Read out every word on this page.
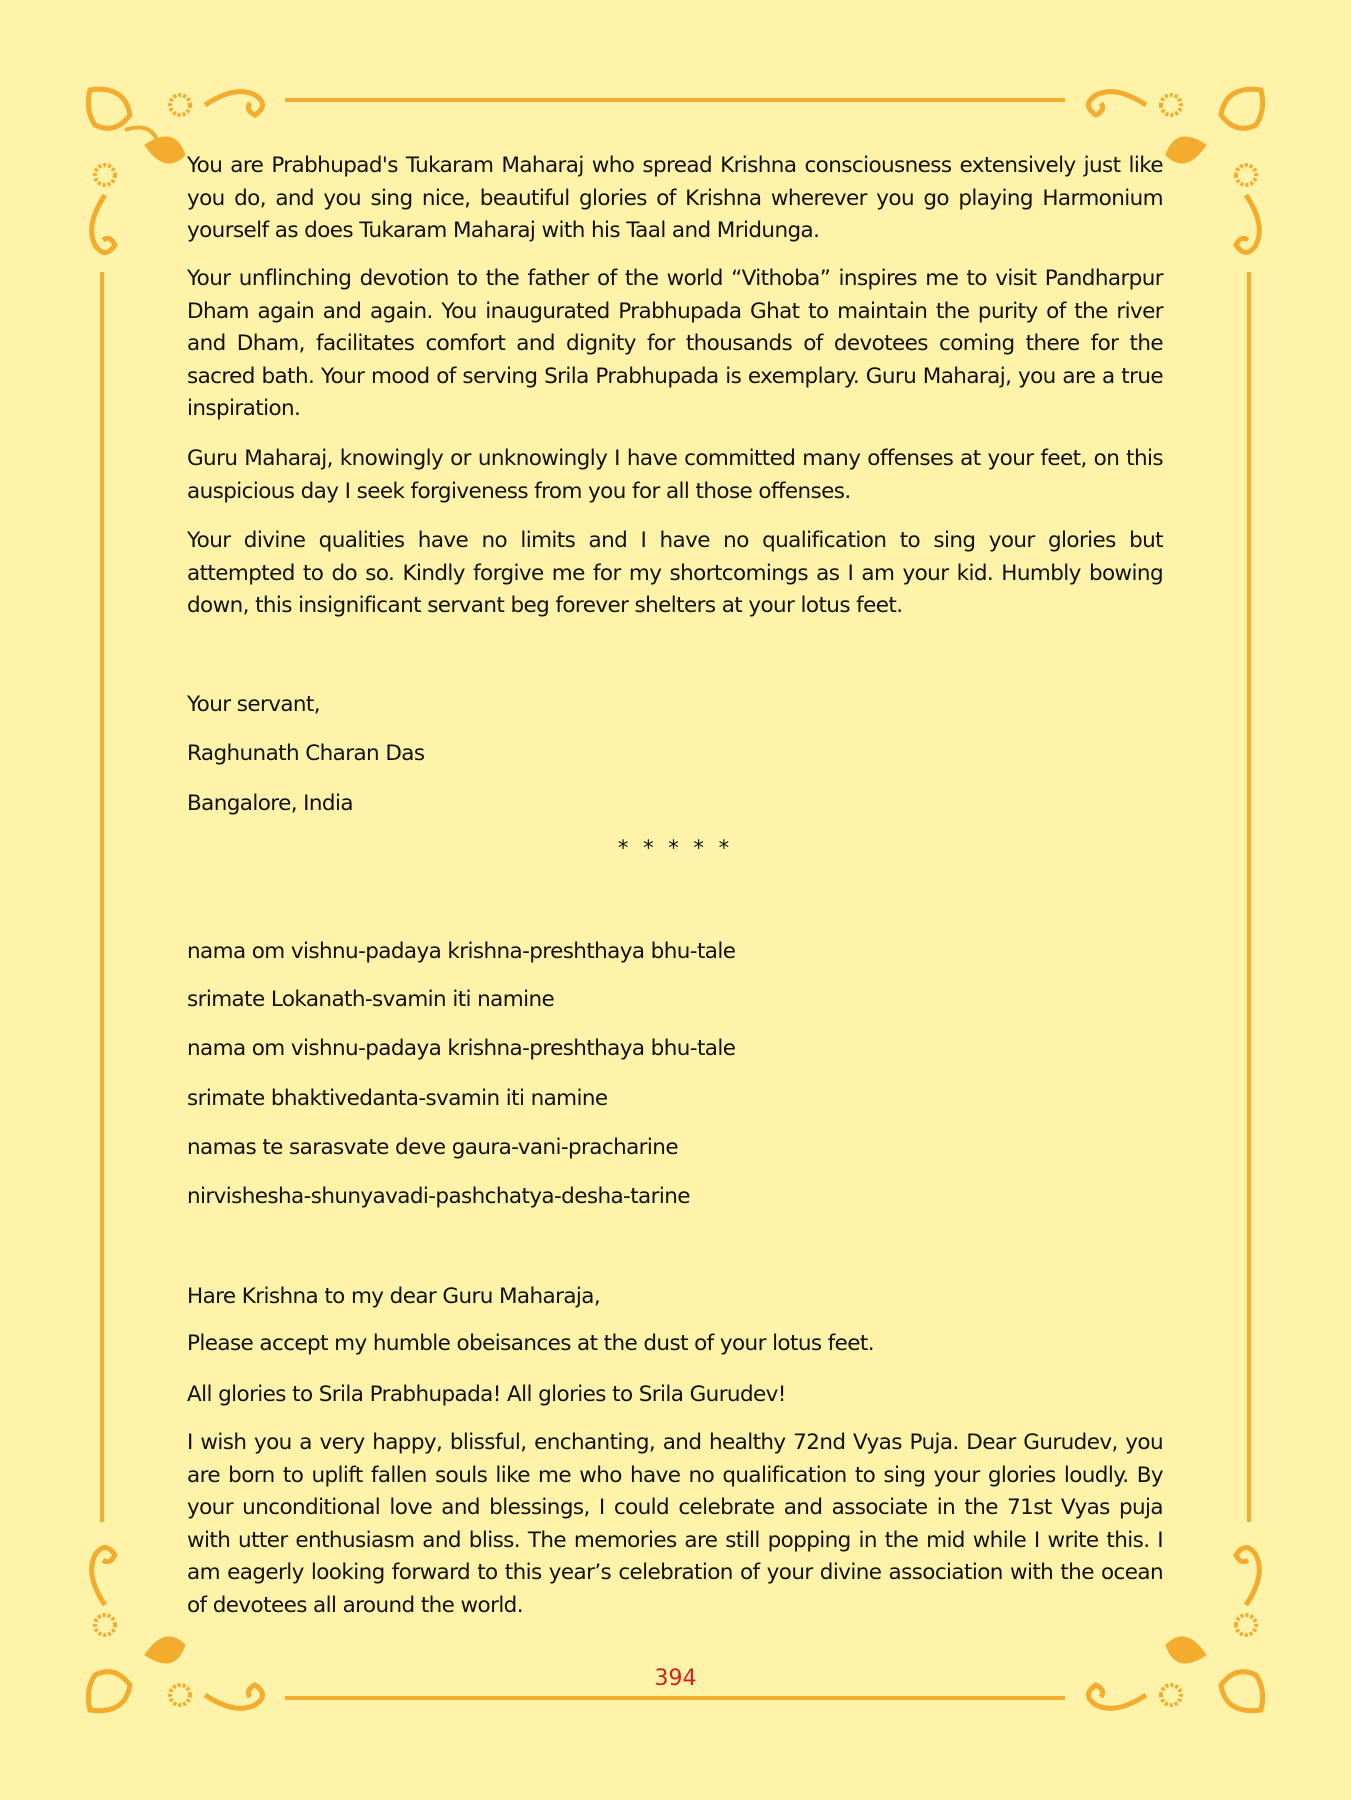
You are Prabhupad's Tukaram Maharaj who spread Krishna consciousness extensively just like you do, and you sing nice, beautiful glories of Krishna wherever you go playing Harmonium yourself as does Tukaram Maharaj with his Taal and Mridunga.

Your unflinching devotion to the father of the world “Vithoba” inspires me to visit Pandharpur Dham again and again. You inaugurated Prabhupada Ghat to maintain the purity of the river and Dham, facilitates comfort and dignity for thousands of devotees coming there for the sacred bath. Your mood of serving Srila Prabhupada is exemplary. Guru Maharaj, you are a true inspiration.

Guru Maharaj, knowingly or unknowingly I have committed many offenses at your feet, on this auspicious day I seek forgiveness from you for all those offenses.

Your divine qualities have no limits and I have no qualification to sing your glories but attempted to do so. Kindly forgive me for my shortcomings as I am your kid. Humbly bowing down, this insignificant servant beg forever shelters at your lotus feet.

Your servant,
Raghunath Charan Das
Bangalore, India
* * * * *
nama om vishnu-padaya krishna-preshthaya bhu-tale
srimate Lokanath-svamin iti namine
nama om vishnu-padaya krishna-preshthaya bhu-tale
srimate bhaktivedanta-svamin iti namine
namas te sarasvate deve gaura-vani-pracharine
nirvishesha-shunyavadi-pashchatya-desha-tarine
Hare Krishna to my dear Guru Maharaja,
Please accept my humble obeisances at the dust of your lotus feet.
All glories to Srila Prabhupada! All glories to Srila Gurudev!

I wish you a very happy, blissful, enchanting, and healthy 72nd Vyas Puja. Dear Gurudev, you are born to uplift fallen souls like me who have no qualification to sing your glories loudly. By your unconditional love and blessings, I could celebrate and associate in the 71st Vyas puja with utter enthusiasm and bliss. The memories are still popping in the mid while I write this. I am eagerly looking forward to this year’s celebration of your divine association with the ocean of devotees all around the world.

394
